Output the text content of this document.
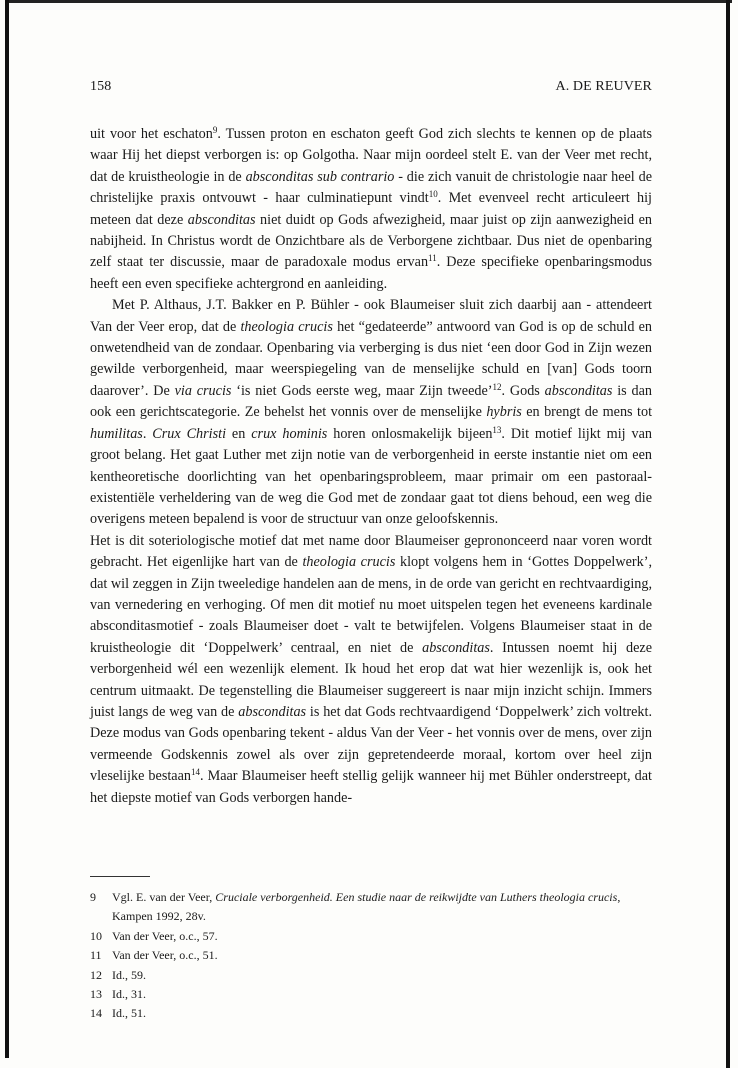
158	A. DE REUVER

uit voor het eschaton$^9$. Tussen proton en eschaton geeft God zich slechts te kennen op de plaats waar Hij het diepst verborgen is: op Golgotha. Naar mijn oordeel stelt E. van der Veer met recht, dat de kruistheologie in de absconditas sub contrario - die zich vanuit de christologie naar heel de christelijke praxis ontvouwt - haar culminatiepunt vindt$^{10}$. Met evenveel recht articuleert hij meteen dat deze absconditas niet duidt op Gods afwezigheid, maar juist op zijn aanwezigheid en nabijheid. In Christus wordt de Onzichtbare als de Verborgene zichtbaar. Dus niet de openbaring zelf staat ter discussie, maar de paradoxale modus ervan$^{11}$. Deze specifieke openbaringsmodus heeft een even specifieke achtergrond en aanleiding.

Met P. Althaus, J.T. Bakker en P. Bühler - ook Blaumeiser sluit zich daarbij aan - attendeert Van der Veer erop, dat de theologia crucis het “gedateerde” antwoord van God is op de schuld en onwetendheid van de zondaar. Openbaring via verberging is dus niet ‘een door God in Zijn wezen gewilde verborgenheid, maar weerspiegeling van de menselijke schuld en [van] Gods toorn daarover’. De via crucis ‘is niet Gods eerste weg, maar Zijn tweede’$^{12}$. Gods absconditas is dan ook een gerichtscategorie. Ze behelst het vonnis over de menselijke hybris en brengt de mens tot humilitas. Crux Christi en crux hominis horen onlosmakelijk bijeen$^{13}$. Dit motief lijkt mij van groot belang. Het gaat Luther met zijn notie van de verborgenheid in eerste instantie niet om een kentheoretische doorlichting van het openbaringsprobleem, maar primair om een pastoraal-existentiële verheldering van de weg die God met de zondaar gaat tot diens behoud, een weg die overigens meteen bepalend is voor de structuur van onze geloofskennis.

Het is dit soteriologische motief dat met name door Blaumeiser geprononceerd naar voren wordt gebracht. Het eigenlijke hart van de theologia crucis klopt volgens hem in ‘Gottes Doppelwerk’, dat wil zeggen in Zijn tweeledige handelen aan de mens, in de orde van gericht en rechtvaardiging, van vernedering en verhoging. Of men dit motief nu moet uitspelen tegen het eveneens kardinale absconditasmotief - zoals Blaumeiser doet - valt te betwijfelen. Volgens Blaumeiser staat in de kruistheologie dit ‘Doppelwerk’ centraal, en niet de absconditas. Intussen noemt hij deze verborgenheid wél een wezenlijk element. Ik houd het erop dat wat hier wezenlijk is, ook het centrum uitmaakt. De tegenstelling die Blaumeiser suggereert is naar mijn inzicht schijn. Immers juist langs de weg van de absconditas is het dat Gods rechtvaardigend ‘Doppelwerk’ zich voltrekt. Deze modus van Gods openbaring tekent - aldus Van der Veer - het vonnis over de mens, over zijn vermeende Godskennis zowel als over zijn gepretendeerde moraal, kortom over heel zijn vleselijke bestaan$^{14}$. Maar Blaumeiser heeft stellig gelijk wanneer hij met Bühler onderstreept, dat het diepste motief van Gods verborgen hande-

9 Vgl. E. van der Veer, Cruciale verborgenheid. Een studie naar de reikwijdte van Luthers theologia crucis, Kampen 1992, 28v.
10 Van der Veer, o.c., 57.
11 Van der Veer, o.c., 51.
12 Id., 59.
13 Id., 31.
14 Id., 51.
